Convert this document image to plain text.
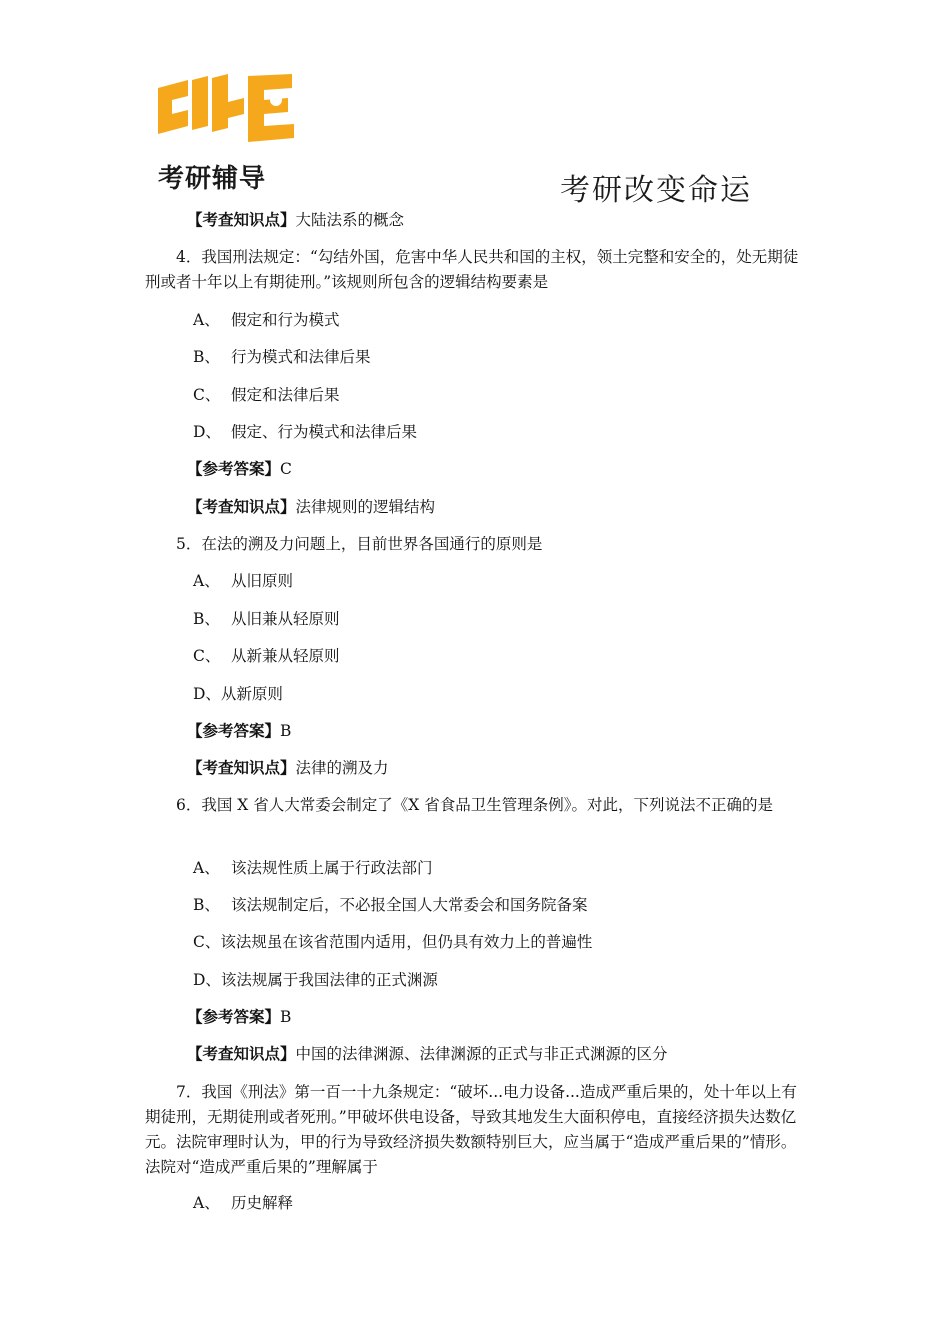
考研辅导	考研改变命运
【考查知识点】大陆法系的概念
4．我国刑法规定：“勾结外国，危害中华人民共和国的主权，领土完整和安全的，处无期徒刑或者十年以上有期徒刑。”该规则所包含的逻辑结构要素是
A、 假定和行为模式
B、 行为模式和法律后果
C、 假定和法律后果
D、 假定、行为模式和法律后果
【参考答案】C
【考查知识点】法律规则的逻辑结构
5．在法的溯及力问题上，目前世界各国通行的原则是
A、 从旧原则
B、 从旧兼从轻原则
C、 从新兼从轻原则
D、从新原则
【参考答案】B
【考查知识点】法律的溯及力
6．我国 X 省人大常委会制定了《X 省食品卫生管理条例》。对此，下列说法不正确的是
A、 该法规性质上属于行政法部门
B、 该法规制定后，不必报全国人大常委会和国务院备案
C、该法规虽在该省范围内适用，但仍具有效力上的普遍性
D、该法规属于我国法律的正式渊源
【参考答案】B
【考查知识点】中国的法律渊源、法律渊源的正式与非正式渊源的区分
7．我国《刑法》第一百一十九条规定：“破坏...电力设备...造成严重后果的，处十年以上有期徒刑，无期徒刑或者死刑。”甲破坏供电设备，导致其地发生大面积停电，直接经济损失达数亿元。法院审理时认为，甲的行为导致经济损失数额特别巨大，应当属于“造成严重后果的”情形。法院对“造成严重后果的”理解属于
A、 历史解释
